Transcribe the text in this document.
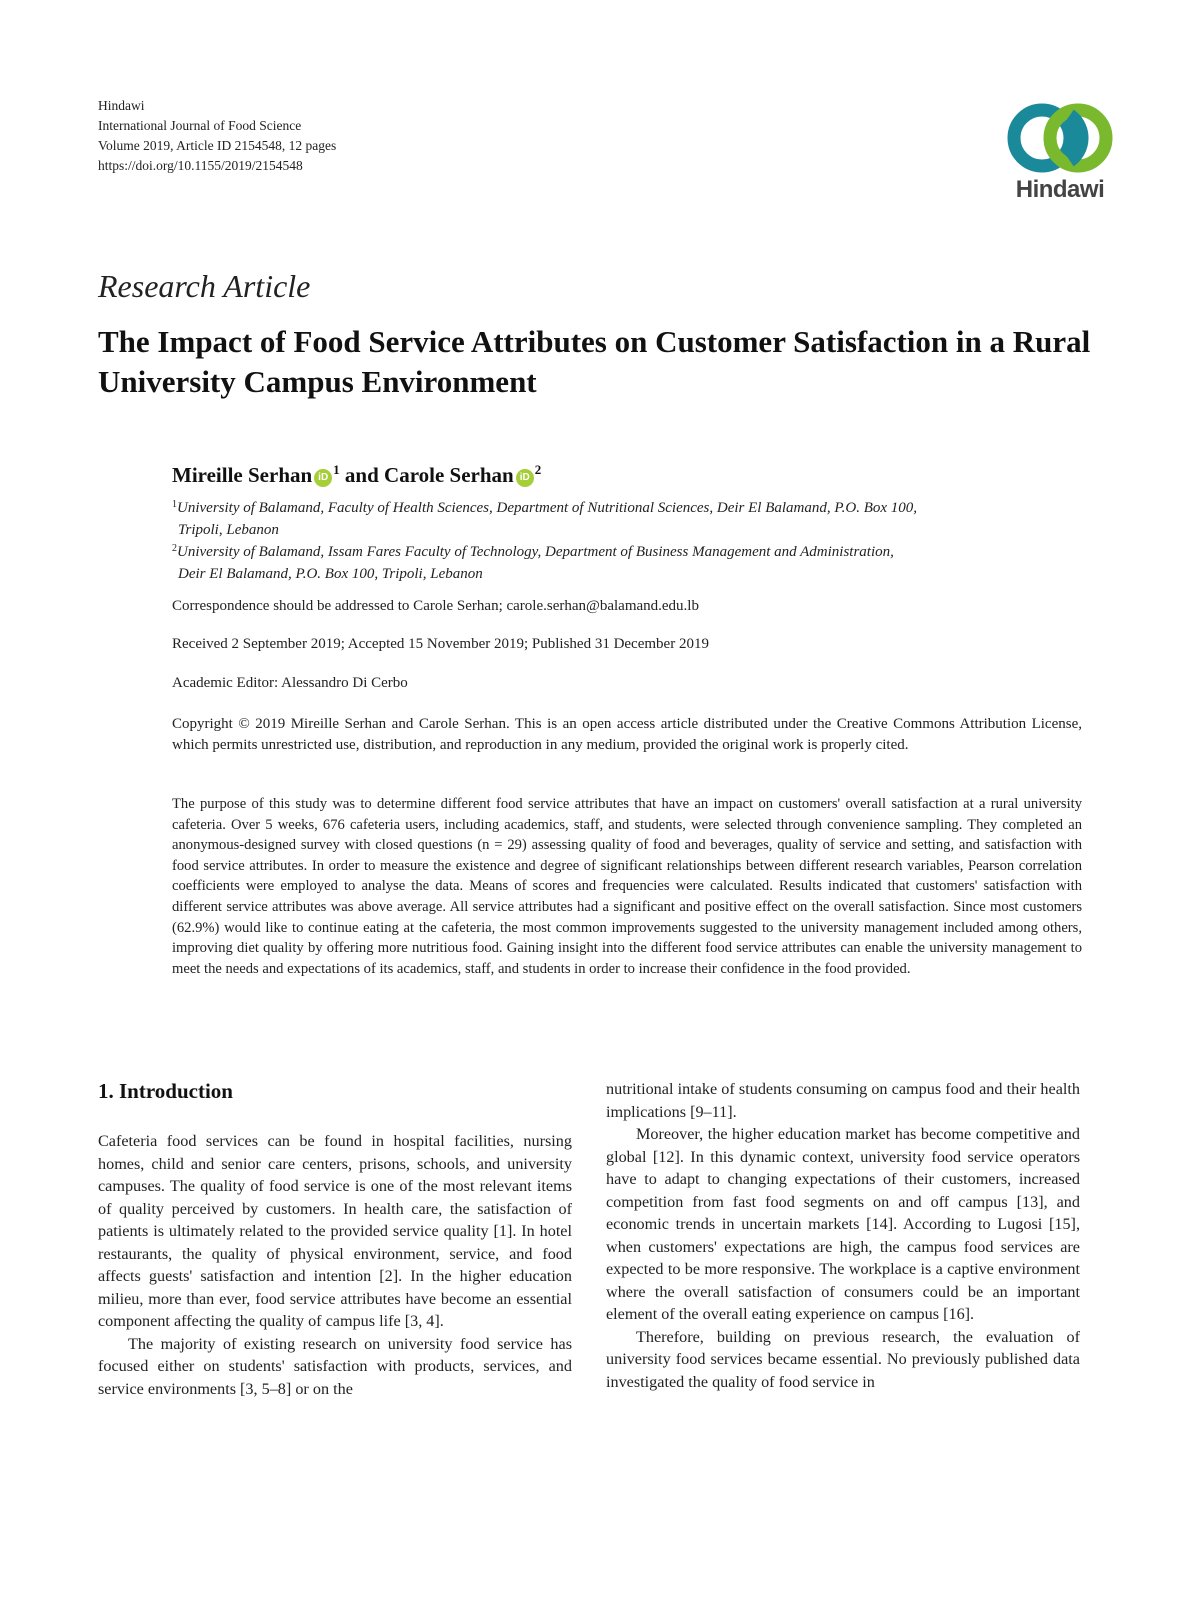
Hindawi
International Journal of Food Science
Volume 2019, Article ID 2154548, 12 pages
https://doi.org/10.1155/2019/2154548
Hindawi
Research Article
The Impact of Food Service Attributes on Customer Satisfaction in a Rural University Campus Environment
Mireille Serhan $iD^1$ and Carole Serhan $iD^2$
$^1$University of Balamand, Faculty of Health Sciences, Department of Nutritional Sciences, Deir El Balamand, P.O. Box 100,
Tripoli, Lebanon
$^2$University of Balamand, Issam Fares Faculty of Technology, Department of Business Management and Administration,
Deir El Balamand, P.O. Box 100, Tripoli, Lebanon
Correspondence should be addressed to Carole Serhan; carole.serhan@balamand.edu.lb
Received 2 September 2019; Accepted 15 November 2019; Published 31 December 2019
Academic Editor: Alessandro Di Cerbo
Copyright © 2019 Mireille Serhan and Carole Serhan. This is an open access article distributed under the Creative Commons Attribution License, which permits unrestricted use, distribution, and reproduction in any medium, provided the original work is properly cited.
The purpose of this study was to determine different food service attributes that have an impact on customers' overall satisfaction at a rural university cafeteria. Over 5 weeks, 676 cafeteria users, including academics, staff, and students, were selected through convenience sampling. They completed an anonymous-designed survey with closed questions (n = 29) assessing quality of food and beverages, quality of service and setting, and satisfaction with food service attributes. In order to measure the existence and degree of significant relationships between different research variables, Pearson correlation coefficients were employed to analyse the data. Means of scores and frequencies were calculated. Results indicated that customers' satisfaction with different service attributes was above average. All service attributes had a significant and positive effect on the overall satisfaction. Since most customers (62.9%) would like to continue eating at the cafeteria, the most common improvements suggested to the university management included among others, improving diet quality by offering more nutritious food. Gaining insight into the different food service attributes can enable the university management to meet the needs and expectations of its academics, staff, and students in order to increase their confidence in the food provided.
1. Introduction

Cafeteria food services can be found in hospital facilities, nursing homes, child and senior care centers, prisons, schools, and university campuses. The quality of food service is one of the most relevant items of quality perceived by customers. In health care, the satisfaction of patients is ultimately related to the provided service quality [1]. In hotel restaurants, the quality of physical environment, service, and food affects guests' satisfaction and intention [2]. In the higher education milieu, more than ever, food service attributes have become an essential component affecting the quality of campus life [3, 4].

The majority of existing research on university food service has focused either on students' satisfaction with products, services, and service environments [3, 5–8] or on the

nutritional intake of students consuming on campus food and their health implications [9–11].

Moreover, the higher education market has become competitive and global [12]. In this dynamic context, university food service operators have to adapt to changing expectations of their customers, increased competition from fast food segments on and off campus [13], and economic trends in uncertain markets [14]. According to Lugosi [15], when customers' expectations are high, the campus food services are expected to be more responsive. The workplace is a captive environment where the overall satisfaction of consumers could be an important element of the overall eating experience on campus [16].

Therefore, building on previous research, the evaluation of university food services became essential. No previously published data investigated the quality of food service in
